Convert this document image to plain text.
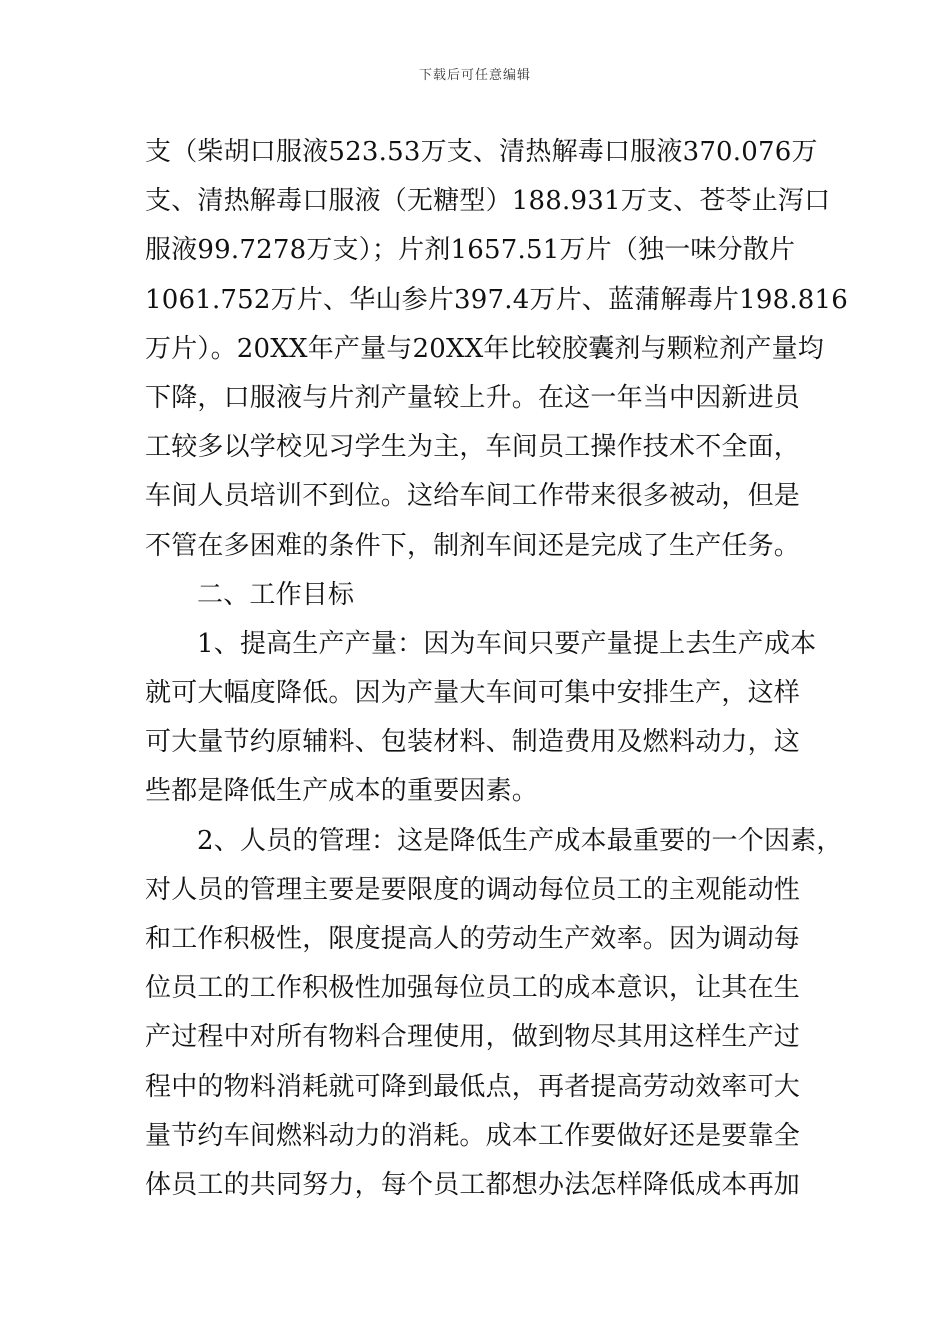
下载后可任意编辑
支（柴胡口服液523.53万支、清热解毒口服液370.076万
支、清热解毒口服液（无糖型）188.931万支、苍苓止泻口
服液99.7278万支）；片剂1657.51万片（独一味分散片
1061.752万片、华山参片397.4万片、蓝蒲解毒片198.816
万片）。20XX年产量与20XX年比较胶囊剂与颗粒剂产量均
下降，口服液与片剂产量较上升。在这一年当中因新进员
工较多以学校见习学生为主，车间员工操作技术不全面，
车间人员培训不到位。这给车间工作带来很多被动，但是
不管在多困难的条件下，制剂车间还是完成了生产任务。
二、工作目标
1、提高生产产量：因为车间只要产量提上去生产成本
就可大幅度降低。因为产量大车间可集中安排生产，这样
可大量节约原辅料、包装材料、制造费用及燃料动力，这
些都是降低生产成本的重要因素。
2、人员的管理：这是降低生产成本最重要的一个因素，
对人员的管理主要是要限度的调动每位员工的主观能动性
和工作积极性，限度提高人的劳动生产效率。因为调动每
位员工的工作积极性加强每位员工的成本意识，让其在生
产过程中对所有物料合理使用，做到物尽其用这样生产过
程中的物料消耗就可降到最低点，再者提高劳动效率可大
量节约车间燃料动力的消耗。成本工作要做好还是要靠全
体员工的共同努力，每个员工都想办法怎样降低成本再加
